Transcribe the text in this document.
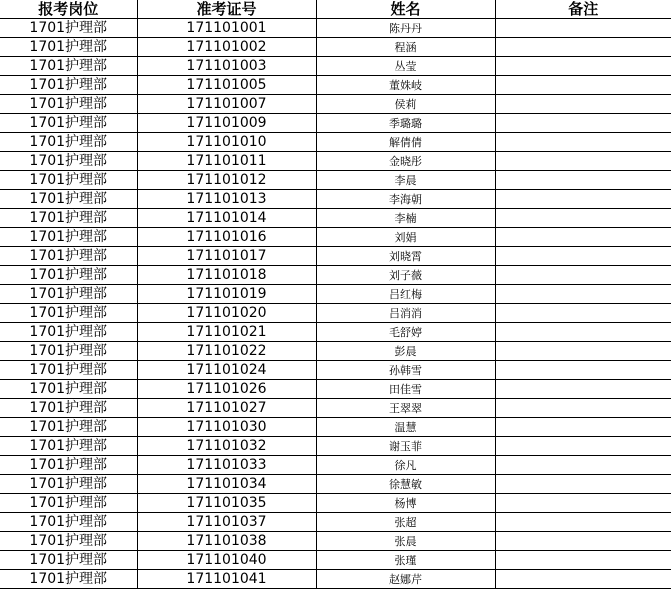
报考岗位	准考证号	姓名	备注
1701护理部	171101001	陈丹丹	
1701护理部	171101002	程涵	
1701护理部	171101003	丛莹	
1701护理部	171101005	董姝岐	
1701护理部	171101007	侯莉	
1701护理部	171101009	季璐璐	
1701护理部	171101010	解倩倩	
1701护理部	171101011	金晓彤	
1701护理部	171101012	李晨	
1701护理部	171101013	李海朝	
1701护理部	171101014	李楠	
1701护理部	171101016	刘娟	
1701护理部	171101017	刘晓霄	
1701护理部	171101018	刘子薇	
1701护理部	171101019	吕红梅	
1701护理部	171101020	吕消消	
1701护理部	171101021	毛舒婷	
1701护理部	171101022	彭晨	
1701护理部	171101024	孙韩雪	
1701护理部	171101026	田佳雪	
1701护理部	171101027	王翠翠	
1701护理部	171101030	温慧	
1701护理部	171101032	谢玉菲	
1701护理部	171101033	徐凡	
1701护理部	171101034	徐慧敏	
1701护理部	171101035	杨博	
1701护理部	171101037	张超	
1701护理部	171101038	张晨	
1701护理部	171101040	张瑾	
1701护理部	171101041	赵娜芹	
